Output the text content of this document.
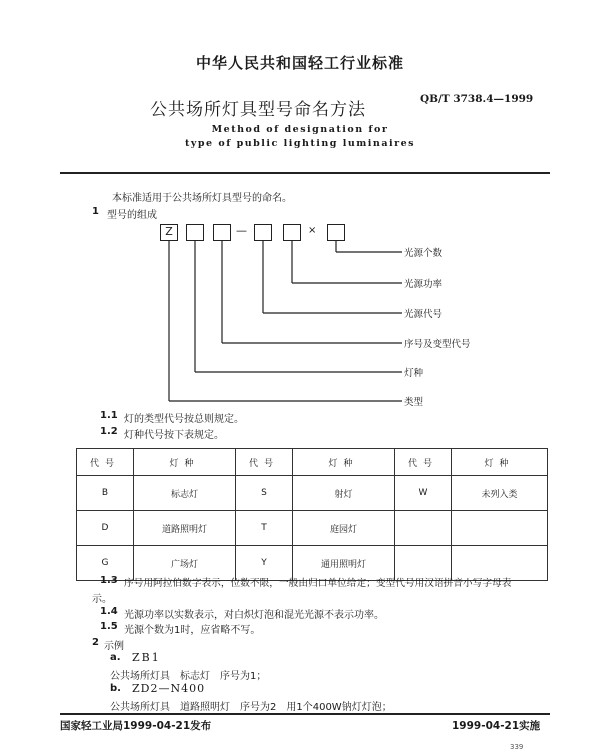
中华人民共和国轻工行业标准
公共场所灯具型号命名方法
QB/T 3738.4—1999
Method of designation for
type of public lighting luminaires
本标准适用于公共场所灯具型号的命名。
1 型号的组成
Z	—	×
光源个数
光源功率
光源代号
序号及变型代号
灯种
类型
1.1 灯的类型代号按总则规定。
1.2 灯种代号按下表规定。
代号	灯种	代号	灯种	代号	灯种
B	标志灯	S	射灯	W	未列入类
D	道路照明灯	T	庭园灯		
G	广场灯	Y	通用照明灯		
1.3 序号用阿拉伯数字表示，位数不限，一般由归口单位给定；变型代号用汉语拼音小写字母表
示。
1.4 光源功率以实数表示，对白炽灯泡和混光光源不表示功率。
1.5 光源个数为1时，应省略不写。
2 示例
a. ZB1
公共场所灯具　标志灯　序号为1；
b. ZD2—N400
公共场所灯具　道路照明灯　序号为2　用1个400W钠灯灯泡；
国家轻工业局1999-04-21发布	1999-04-21实施
339
